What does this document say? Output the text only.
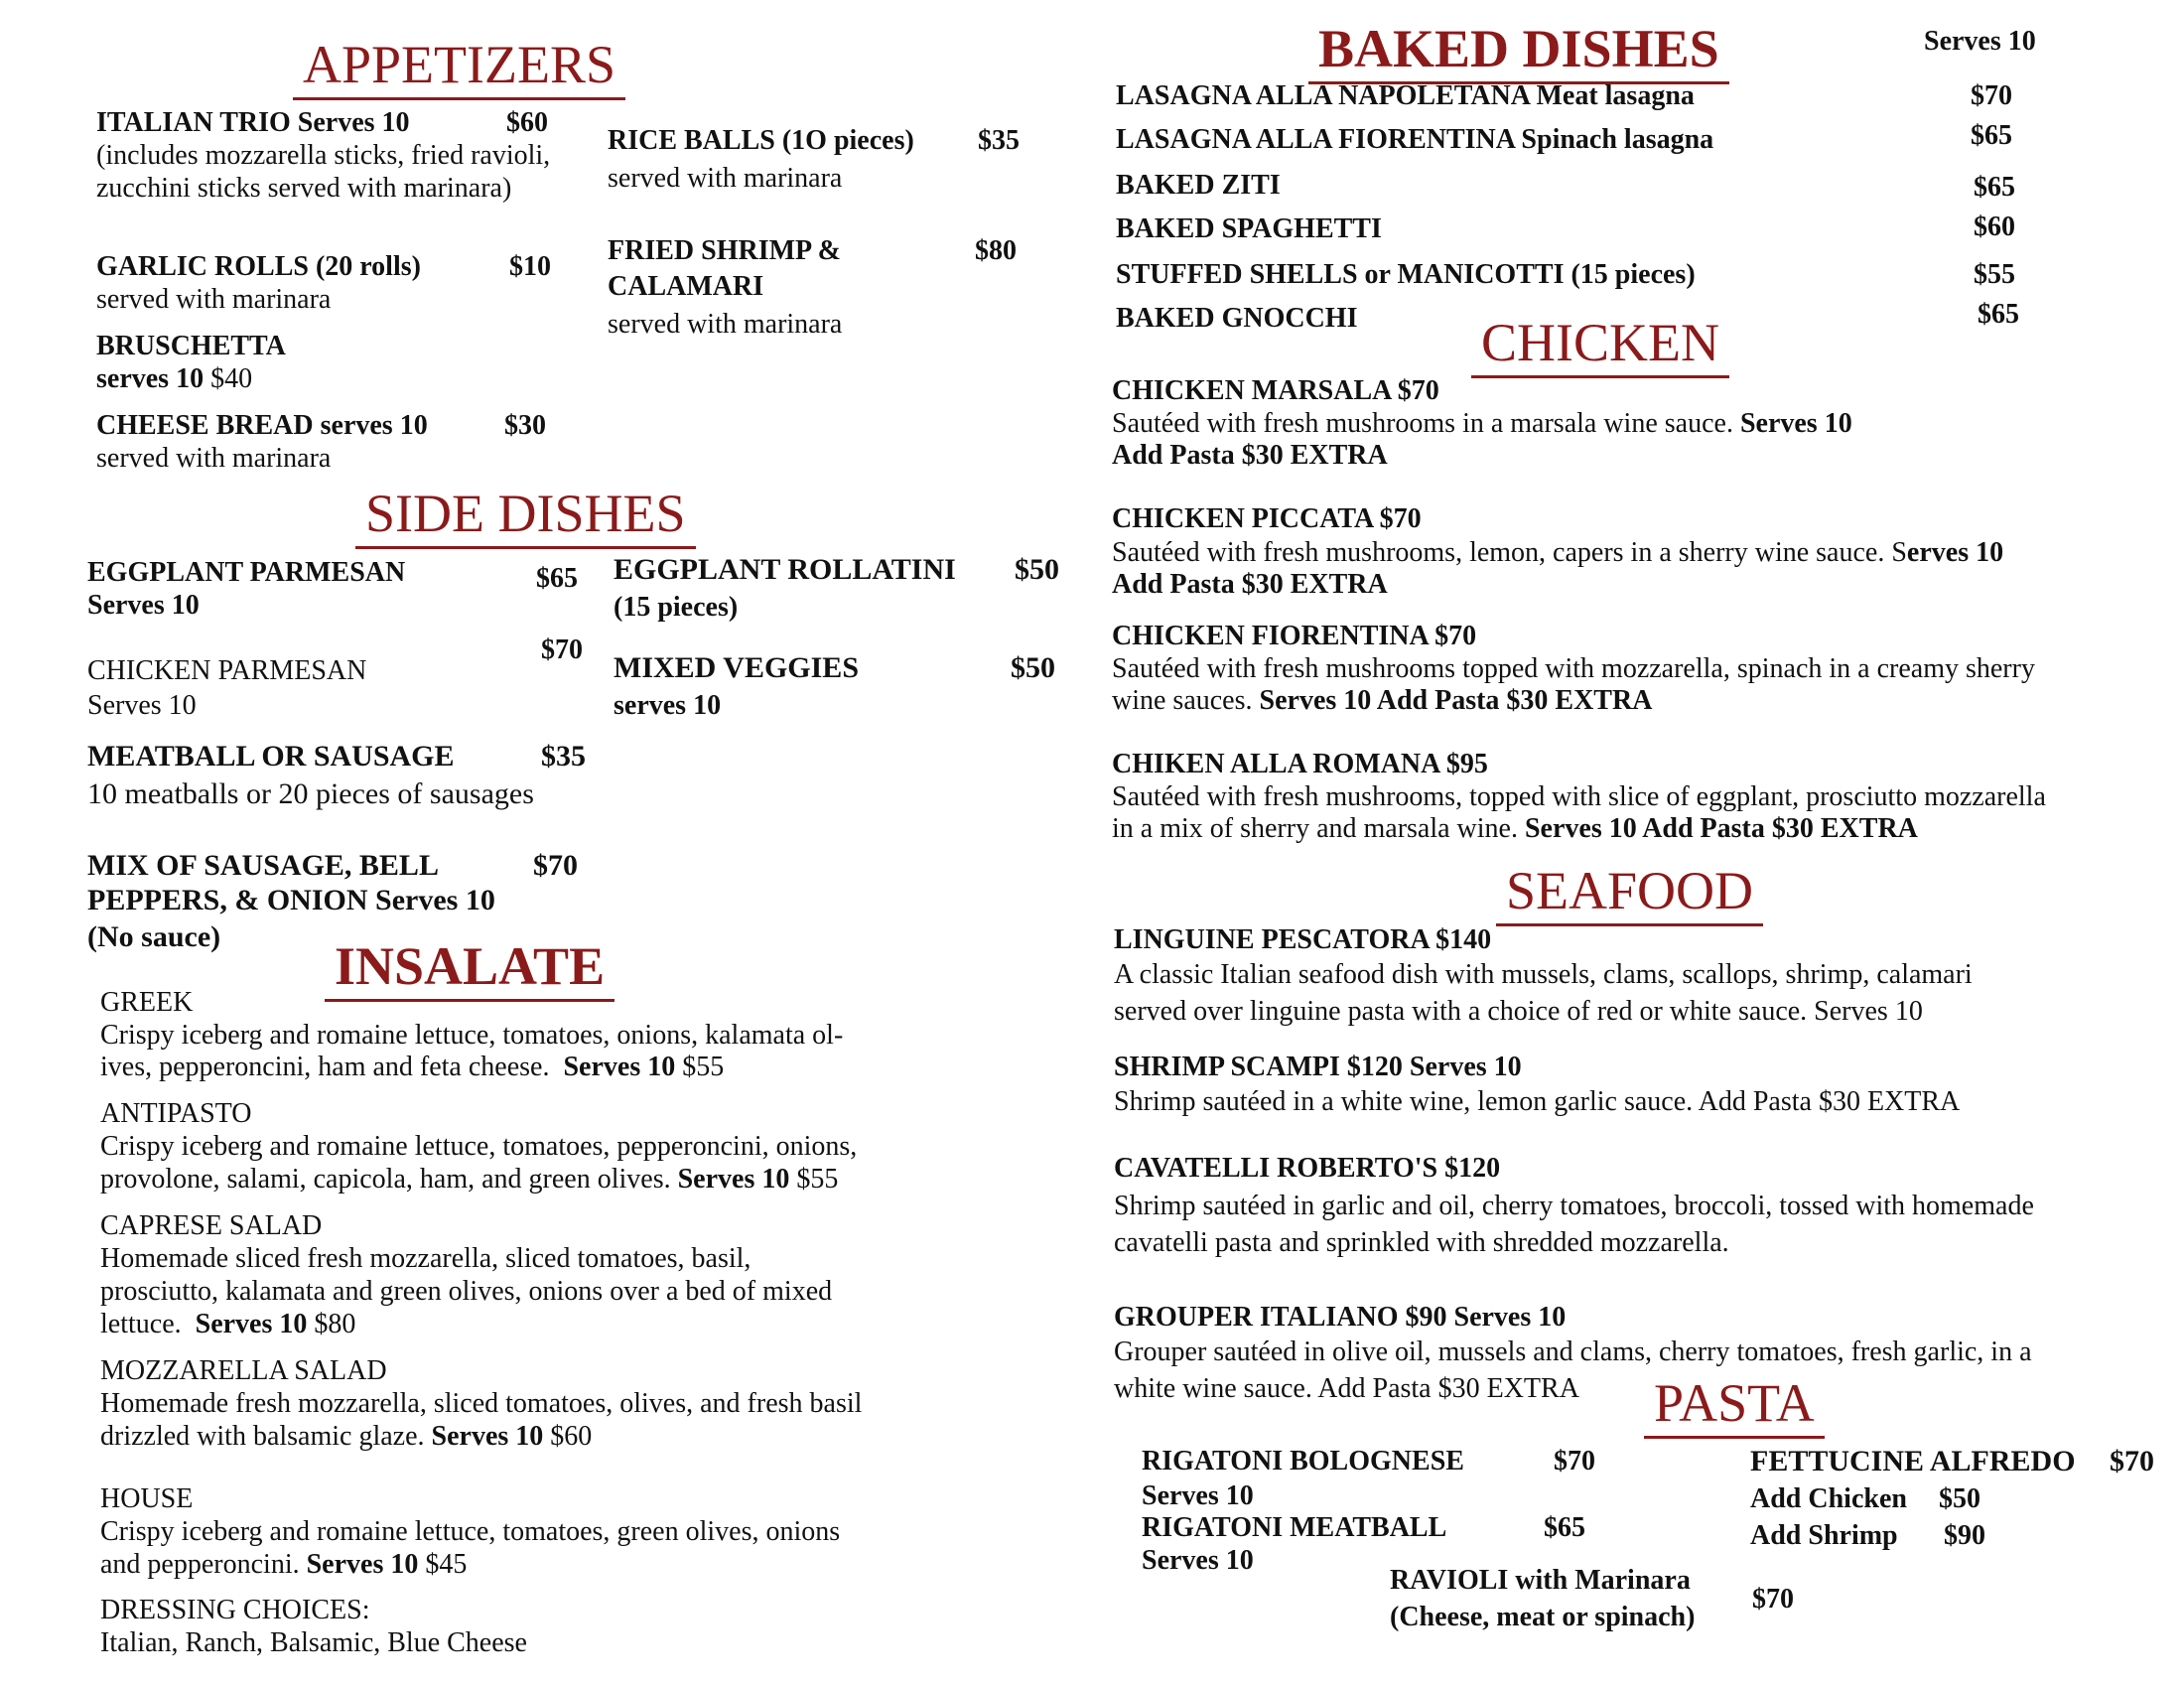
APPETIZERS
ITALIAN TRIO Serves 10	$60
(includes mozzarella sticks, fried ravioli, zucchini sticks served with marinara)
GARLIC ROLLS (20 rolls)	$10
served with marinara
BRUSCHETTA
serves 10 $40
CHEESE BREAD serves 10	$30
served with marinara
RICE BALLS (1O pieces) $35
served with marinara
FRIED SHRIMP &	$80
CALAMARI
served with marinara
SIDE DISHES
EGGPLANT PARMESAN	$65
Serves 10
$70
CHICKEN PARMESAN
Serves 10
MEATBALL OR SAUSAGE	$35
10 meatballs or 20 pieces of sausages
MIX OF SAUSAGE, BELL	$70
PEPPERS, & ONION Serves 10
(No sauce)
EGGPLANT ROLLATINI $50
(15 pieces)
MIXED VEGGIES	$50
serves 10
INSALATE
GREEK
Crispy iceberg and romaine lettuce, tomatoes, onions, kalamata ol-
ives, pepperoncini, ham and feta cheese. Serves 10 $55
ANTIPASTO
Crispy iceberg and romaine lettuce, tomatoes, pepperoncini, onions,
provolone, salami, capicola, ham, and green olives. Serves 10 $55
CAPRESE SALAD
Homemade sliced fresh mozzarella, sliced tomatoes, basil,
prosciutto, kalamata and green olives, onions over a bed of mixed
lettuce. Serves 10 $80
MOZZARELLA SALAD
Homemade fresh mozzarella, sliced tomatoes, olives, and fresh basil
drizzled with balsamic glaze. Serves 10 $60
HOUSE
Crispy iceberg and romaine lettuce, tomatoes, green olives, onions
and pepperoncini. Serves 10 $45
DRESSING CHOICES:
Italian, Ranch, Balsamic, Blue Cheese
BAKED DISHES	Serves 10
LASAGNA ALLA NAPOLETANA Meat lasagna	$70
LASAGNA ALLA FIORENTINA Spinach lasagna	$65
BAKED ZITI	$65
BAKED SPAGHETTI	$60
STUFFED SHELLS or MANICOTTI (15 pieces)	$55
BAKED GNOCCHI	$65
CHICKEN
CHICKEN MARSALA $70
Sautéed with fresh mushrooms in a marsala wine sauce. Serves 10
Add Pasta $30 EXTRA
CHICKEN PICCATA $70
Sautéed with fresh mushrooms, lemon, capers in a sherry wine sauce. Serves 10
Add Pasta $30 EXTRA
CHICKEN FIORENTINA $70
Sautéed with fresh mushrooms topped with mozzarella, spinach in a creamy sherry
wine sauces. Serves 10 Add Pasta $30 EXTRA
CHIKEN ALLA ROMANA $95
Sautéed with fresh mushrooms, topped with slice of eggplant, prosciutto mozzarella
in a mix of sherry and marsala wine. Serves 10 Add Pasta $30 EXTRA
SEAFOOD
LINGUINE PESCATORA $140
A classic Italian seafood dish with mussels, clams, scallops, shrimp, calamari
served over linguine pasta with a choice of red or white sauce. Serves 10
SHRIMP SCAMPI $120 Serves 10
Shrimp sautéed in a white wine, lemon garlic sauce. Add Pasta $30 EXTRA
CAVATELLI ROBERTO'S $120
Shrimp sautéed in garlic and oil, cherry tomatoes, broccoli, tossed with homemade
cavatelli pasta and sprinkled with shredded mozzarella.
GROUPER ITALIANO $90 Serves 10
Grouper sautéed in olive oil, mussels and clams, cherry tomatoes, fresh garlic, in a
white wine sauce. Add Pasta $30 EXTRA PASTA
RIGATONI BOLOGNESE	$70
Serves 10
RIGATONI MEATBALL	$65
Serves 10
FETTUCINE ALFREDO $70
Add Chicken $50
Add Shrimp $90
RAVIOLI with Marinara
(Cheese, meat or spinach)
$70
